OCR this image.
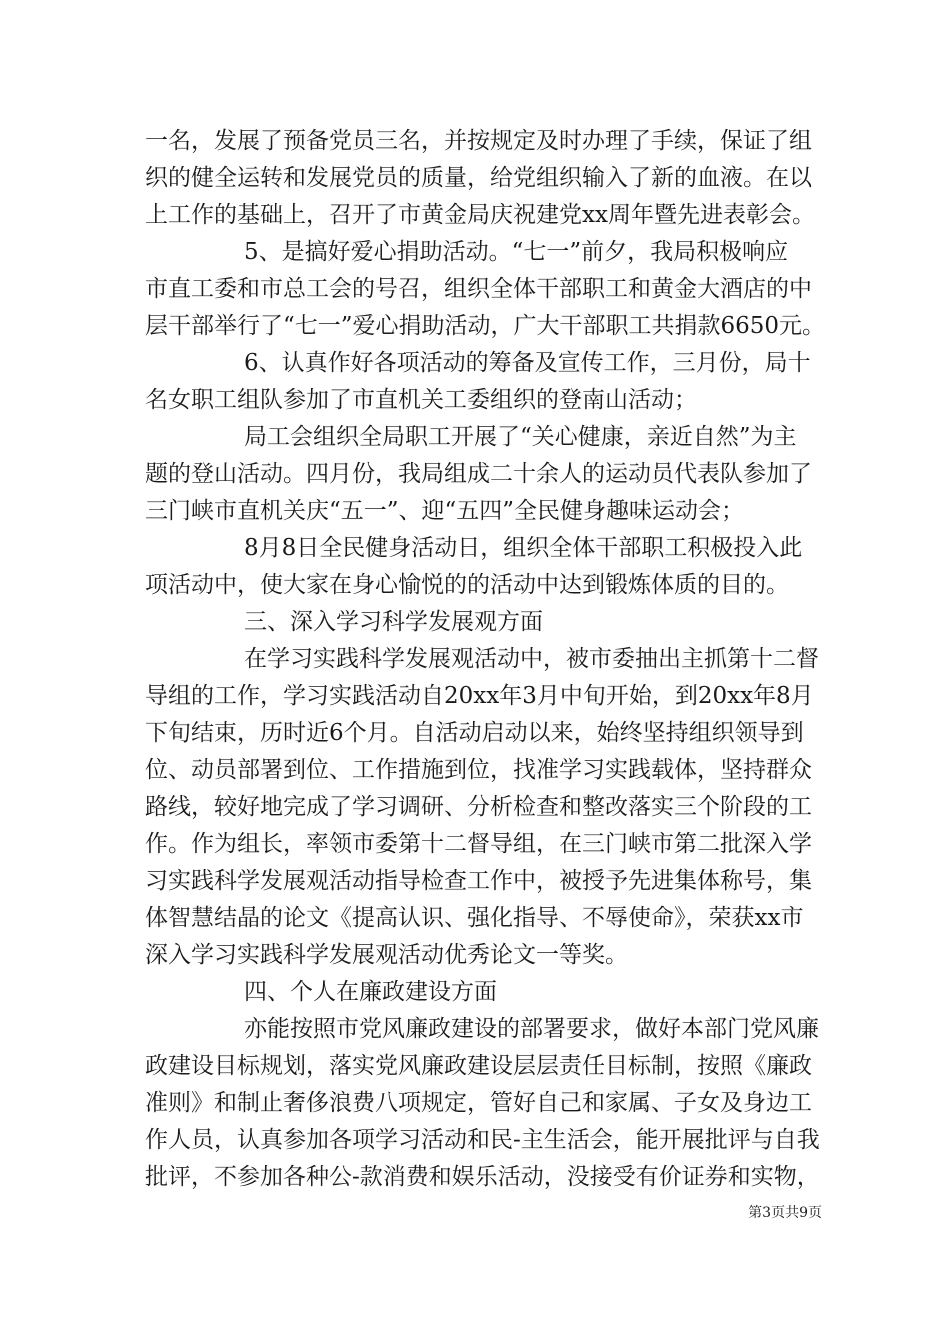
一名，发展了预备党员三名，并按规定及时办理了手续，保证了组
织的健全运转和发展党员的质量，给党组织输入了新的血液。在以
上工作的基础上，召开了市黄金局庆祝建党xx周年暨先进表彰会。
5、是搞好爱心捐助活动。“七一”前夕，我局积极响应
市直工委和市总工会的号召，组织全体干部职工和黄金大酒店的中
层干部举行了“七一”爱心捐助活动，广大干部职工共捐款6650元。
6、认真作好各项活动的筹备及宣传工作，三月份，局十
名女职工组队参加了市直机关工委组织的登南山活动；
局工会组织全局职工开展了“关心健康，亲近自然”为主
题的登山活动。四月份，我局组成二十余人的运动员代表队参加了
三门峡市直机关庆“五一”、迎“五四”全民健身趣味运动会；
8月8日全民健身活动日，组织全体干部职工积极投入此
项活动中，使大家在身心愉悦的的活动中达到锻炼体质的目的。
三、深入学习科学发展观方面
在学习实践科学发展观活动中，被市委抽出主抓第十二督
导组的工作，学习实践活动自20xx年3月中旬开始，到20xx年8月
下旬结束，历时近6个月。自活动启动以来，始终坚持组织领导到
位、动员部署到位、工作措施到位，找准学习实践载体，坚持群众
路线，较好地完成了学习调研、分析检查和整改落实三个阶段的工
作。作为组长，率领市委第十二督导组，在三门峡市第二批深入学
习实践科学发展观活动指导检查工作中，被授予先进集体称号，集
体智慧结晶的论文《提高认识、强化指导、不辱使命》，荣获xx市
深入学习实践科学发展观活动优秀论文一等奖。
四、个人在廉政建设方面
亦能按照市党风廉政建设的部署要求，做好本部门党风廉
政建设目标规划，落实党风廉政建设层层责任目标制，按照《廉政
准则》和制止奢侈浪费八项规定，管好自己和家属、子女及身边工
作人员，认真参加各项学习活动和民-主生活会，能开展批评与自我
批评，不参加各种公-款消费和娱乐活动，没接受有价证券和实物，
第3页共9页
